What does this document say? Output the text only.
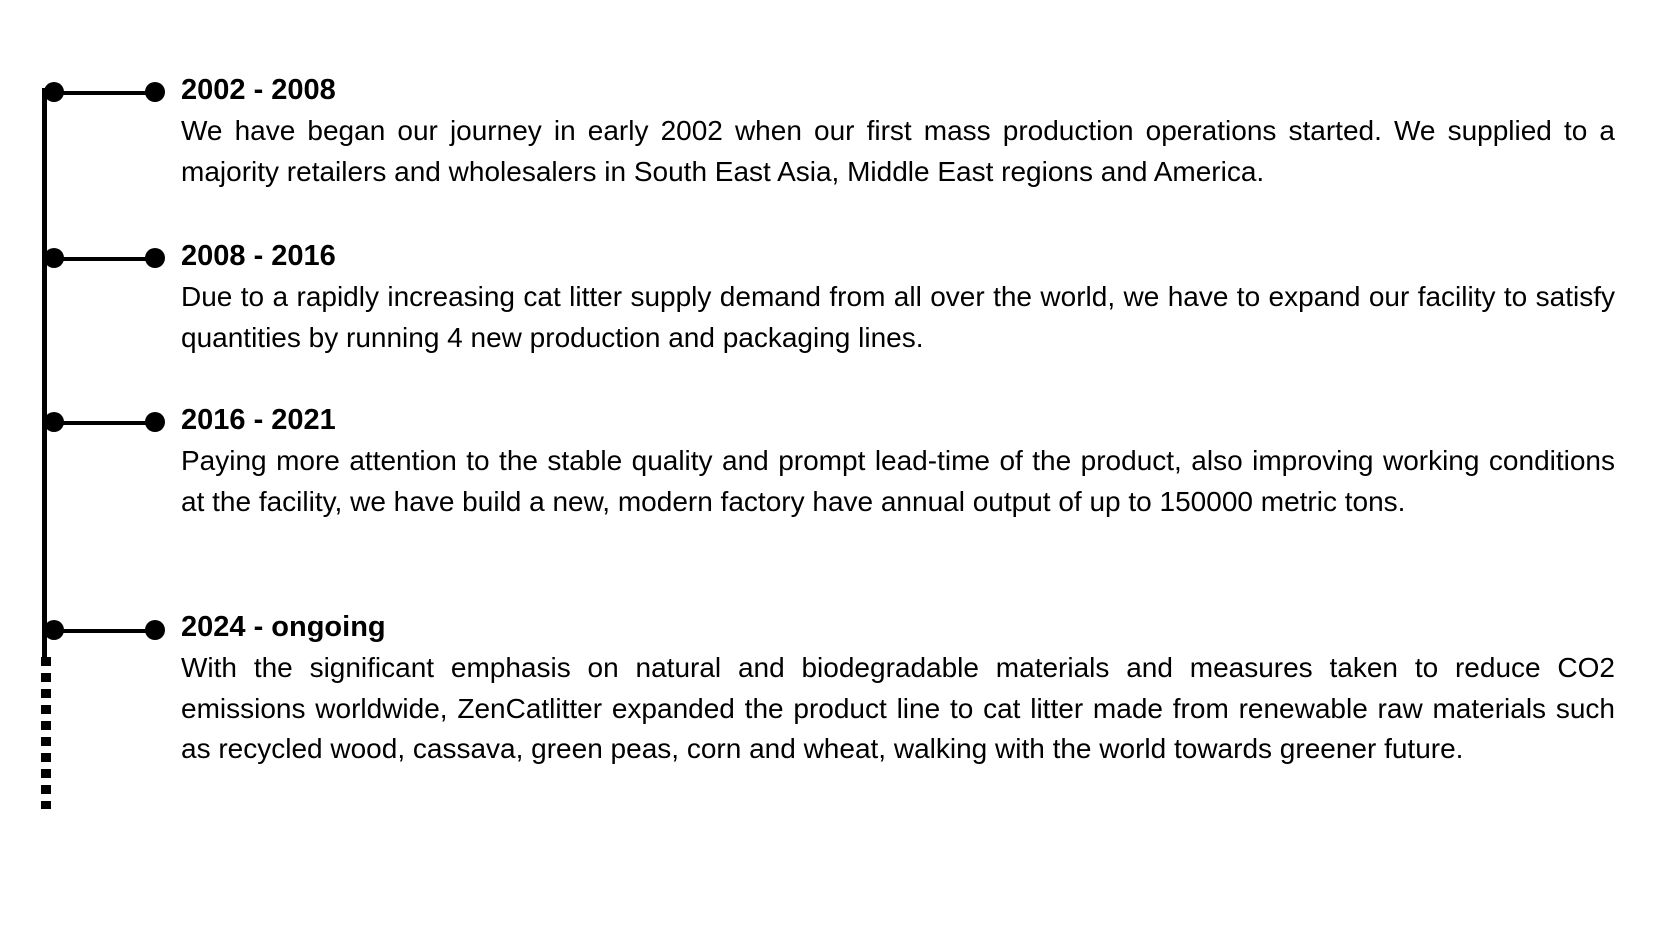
2002 - 2008

We have began our journey in early 2002 when our first mass production operations started. We supplied to a majority retailers and wholesalers in South East Asia, Middle East regions and America.

2008 - 2016

Due to a rapidly increasing cat litter supply demand from all over the world, we have to expand our facility to satisfy quantities by running 4 new production and packaging lines.

2016 - 2021

Paying more attention to the stable quality and prompt lead-time of the product, also improving working conditions at the facility, we have build a new, modern factory have annual output of up to 150000 metric tons.

2024 - ongoing

With the significant emphasis on natural and biodegradable materials and measures taken to reduce CO2 emissions worldwide, ZenCatlitter expanded the product line to cat litter made from renewable raw materials such as recycled wood, cassava, green peas, corn and wheat, walking with the world towards greener future.
